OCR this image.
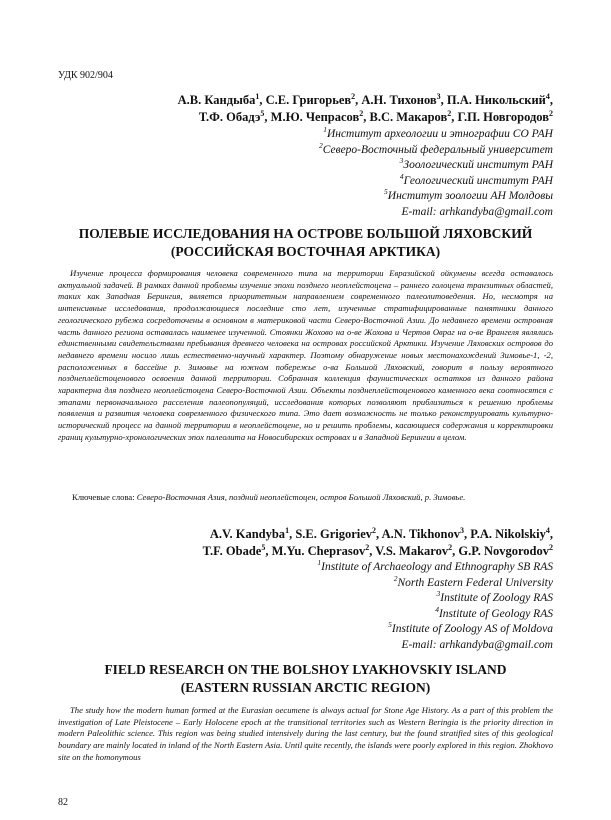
УДК 902/904
А.В. Кандыба$^1$, С.Е. Григорьев$^2$, А.Н. Тихонов$^3$, П.А. Никольский$^4$,
Т.Ф. Обадэ$^5$, М.Ю. Чепрасов$^2$, В.С. Макаров$^2$, Г.П. Новгородов$^2$
$^1$Институт археологии и этнографии СО РАН
$^2$Северо-Восточный федеральный университет
$^3$Зоологический институт РАН
$^4$Геологический институт РАН
$^5$Институт зоологии АН Молдовы
E-mail: arhkandyba@gmail.com
ПОЛЕВЫЕ ИССЛЕДОВАНИЯ НА ОСТРОВЕ БОЛЬШОЙ ЛЯХОВСКИЙ
(РОССИЙСКАЯ ВОСТОЧНАЯ АРКТИКА)
Изучение процесса формирования человека современного типа на территории Евразийской ойкумены всегда оставалось актуальной задачей. В рамках данной проблемы изучение эпохи позднего неоплейстоцена – раннего голоцена транзитных областей, таких как Западная Берингия, является приоритетным направлением современного палеолитоведения. Но, несмотря на интенсивные исследования, продолжающиеся последние сто лет, изученные стратифицированные памятники данного геологического рубежа сосредоточены в основном в материковой части Северо-Восточной Азии. До недавнего времени островная часть данного региона оставалась наименее изученной. Стоянки Жохово на о-ве Жохова и Чертов Овраг на о-ве Врангеля являлись единственными свидетельствами пребывания древнего человека на островах российской Арктики. Изучение Ляховских островов до недавнего времени носило лишь естественно-научный характер. Поэтому обнаружение новых местонахождений Зимовье-1, -2, расположенных в бассейне р. Зимовье на южном побережье о-ва Большой Ляховский, говорит в пользу вероятного позднеплейстоценового освоения данной территории. Собранная коллекция фаунистических остатков из данного района характерна для позднего неоплейстоцена Северо-Восточной Азии. Объекты позднеплейстоценового каменного века соотносятся с этапами первоначального расселения палеопопуляций, исследования которых позволяют приблизиться к решению проблемы появления и развития человека современного физического типа. Это дает возможность не только реконструировать культурно-исторический процесс на данной территории в неоплейстоцене, но и решить проблемы, касающиеся содержания и корректировки границ культурно-хронологических эпох палеолита на Новосибирских островах и в Западной Берингии в целом.
Ключевые слова: Северо-Восточная Азия, поздний неоплейстоцен, остров Большой Ляховский, р. Зимовье.
A.V. Kandyba$^1$, S.E. Grigoriev$^2$, A.N. Tikhonov$^3$, P.A. Nikolskiy$^4$,
T.F. Obade$^5$, M.Yu. Cheprasov$^2$, V.S. Makarov$^2$, G.P. Novgorodov$^2$
$^1$Institute of Archaeology and Ethnography SB RAS
$^2$North Eastern Federal University
$^3$Institute of Zoology RAS
$^4$Institute of Geology RAS
$^5$Institute of Zoology AS of Moldova
E-mail: arhkandyba@gmail.com
FIELD RESEARCH ON THE BOLSHOY LYAKHOVSKIY ISLAND
(EASTERN RUSSIAN ARCTIC REGION)
The study how the modern human formed at the Eurasian oecumene is always actual for Stone Age History. As a part of this problem the investigation of Late Pleistocene – Early Holocene epoch at the transitional territories such as Western Beringia is the priority direction in modern Paleolithic science. This region was being studied intensively during the last century, but the found stratified sites of this geological boundary are mainly located in inland of the North Eastern Asia. Until quite recently, the islands were poorly explored in this region. Zhokhovo site on the homonymous
82
